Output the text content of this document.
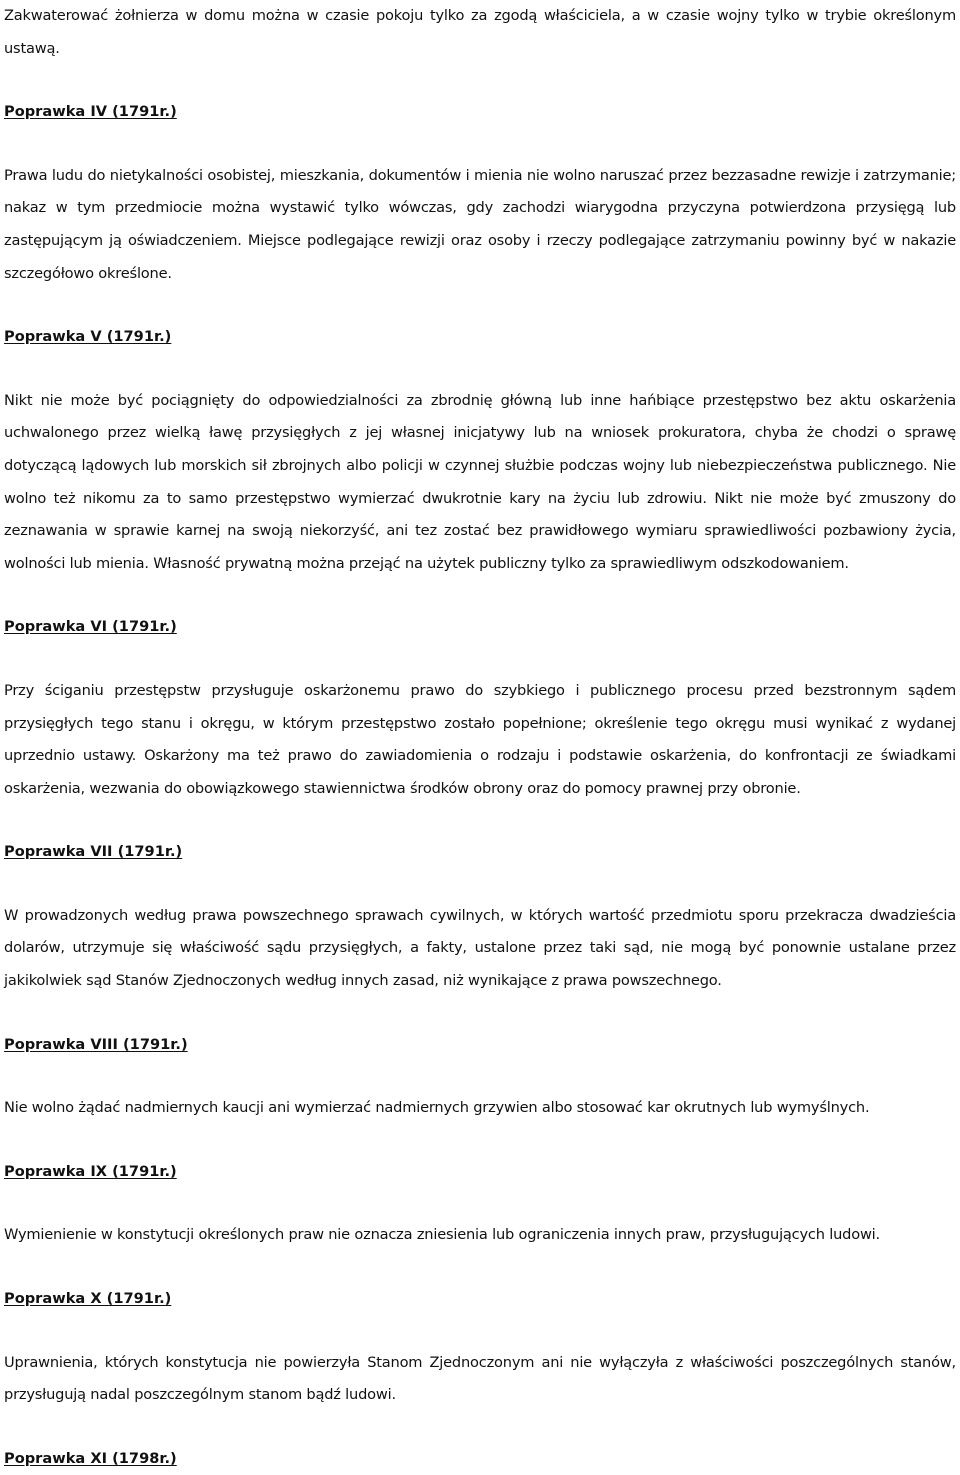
Zakwaterować żołnierza w domu można w czasie pokoju tylko za zgodą właściciela, a w czasie wojny tylko w trybie określonym ustawą.

Poprawka IV (1791r.)

Prawa ludu do nietykalności osobistej, mieszkania, dokumentów i mienia nie wolno naruszać przez bezzasadne rewizje i zatrzymanie; nakaz w tym przedmiocie można wystawić tylko wówczas, gdy zachodzi wiarygodna przyczyna potwierdzona przysięgą lub zastępującym ją oświadczeniem. Miejsce podlegające rewizji oraz osoby i rzeczy podlegające zatrzymaniu powinny być w nakazie szczegółowo określone.

Poprawka V (1791r.)

Nikt nie może być pociągnięty do odpowiedzialności za zbrodnię główną lub inne hańbiące przestępstwo bez aktu oskarżenia uchwalonego przez wielką ławę przysięgłych z jej własnej inicjatywy lub na wniosek prokuratora, chyba że chodzi o sprawę dotyczącą lądowych lub morskich sił zbrojnych albo policji w czynnej służbie podczas wojny lub niebezpieczeństwa publicznego. Nie wolno też nikomu za to samo przestępstwo wymierzać dwukrotnie kary na życiu lub zdrowiu. Nikt nie może być zmuszony do zeznawania w sprawie karnej na swoją niekorzyść, ani tez zostać bez prawidłowego wymiaru sprawiedliwości pozbawiony życia, wolności lub mienia. Własność prywatną można przejąć na użytek publiczny tylko za sprawiedliwym odszkodowaniem.

Poprawka VI (1791r.)

Przy ściganiu przestępstw przysługuje oskarżonemu prawo do szybkiego i publicznego procesu przed bezstronnym sądem przysięgłych tego stanu i okręgu, w którym przestępstwo zostało popełnione; określenie tego okręgu musi wynikać z wydanej uprzednio ustawy. Oskarżony ma też prawo do zawiadomienia o rodzaju i podstawie oskarżenia, do konfrontacji ze świadkami oskarżenia, wezwania do obowiązkowego stawiennictwa środków obrony oraz do pomocy prawnej przy obronie.

Poprawka VII (1791r.)

W prowadzonych według prawa powszechnego sprawach cywilnych, w których wartość przedmiotu sporu przekracza dwadzieścia dolarów, utrzymuje się właściwość sądu przysięgłych, a fakty, ustalone przez taki sąd, nie mogą być ponownie ustalane przez jakikolwiek sąd Stanów Zjednoczonych według innych zasad, niż wynikające z prawa powszechnego.

Poprawka VIII (1791r.)

Nie wolno żądać nadmiernych kaucji ani wymierzać nadmiernych grzywien albo stosować kar okrutnych lub wymyślnych.

Poprawka IX (1791r.)

Wymienienie w konstytucji określonych praw nie oznacza zniesienia lub ograniczenia innych praw, przysługujących ludowi.

Poprawka X (1791r.)

Uprawnienia, których konstytucja nie powierzyła Stanom Zjednoczonym ani nie wyłączyła z właściwości poszczególnych stanów, przysługują nadal poszczególnym stanom bądź ludowi.

Poprawka XI (1798r.)
